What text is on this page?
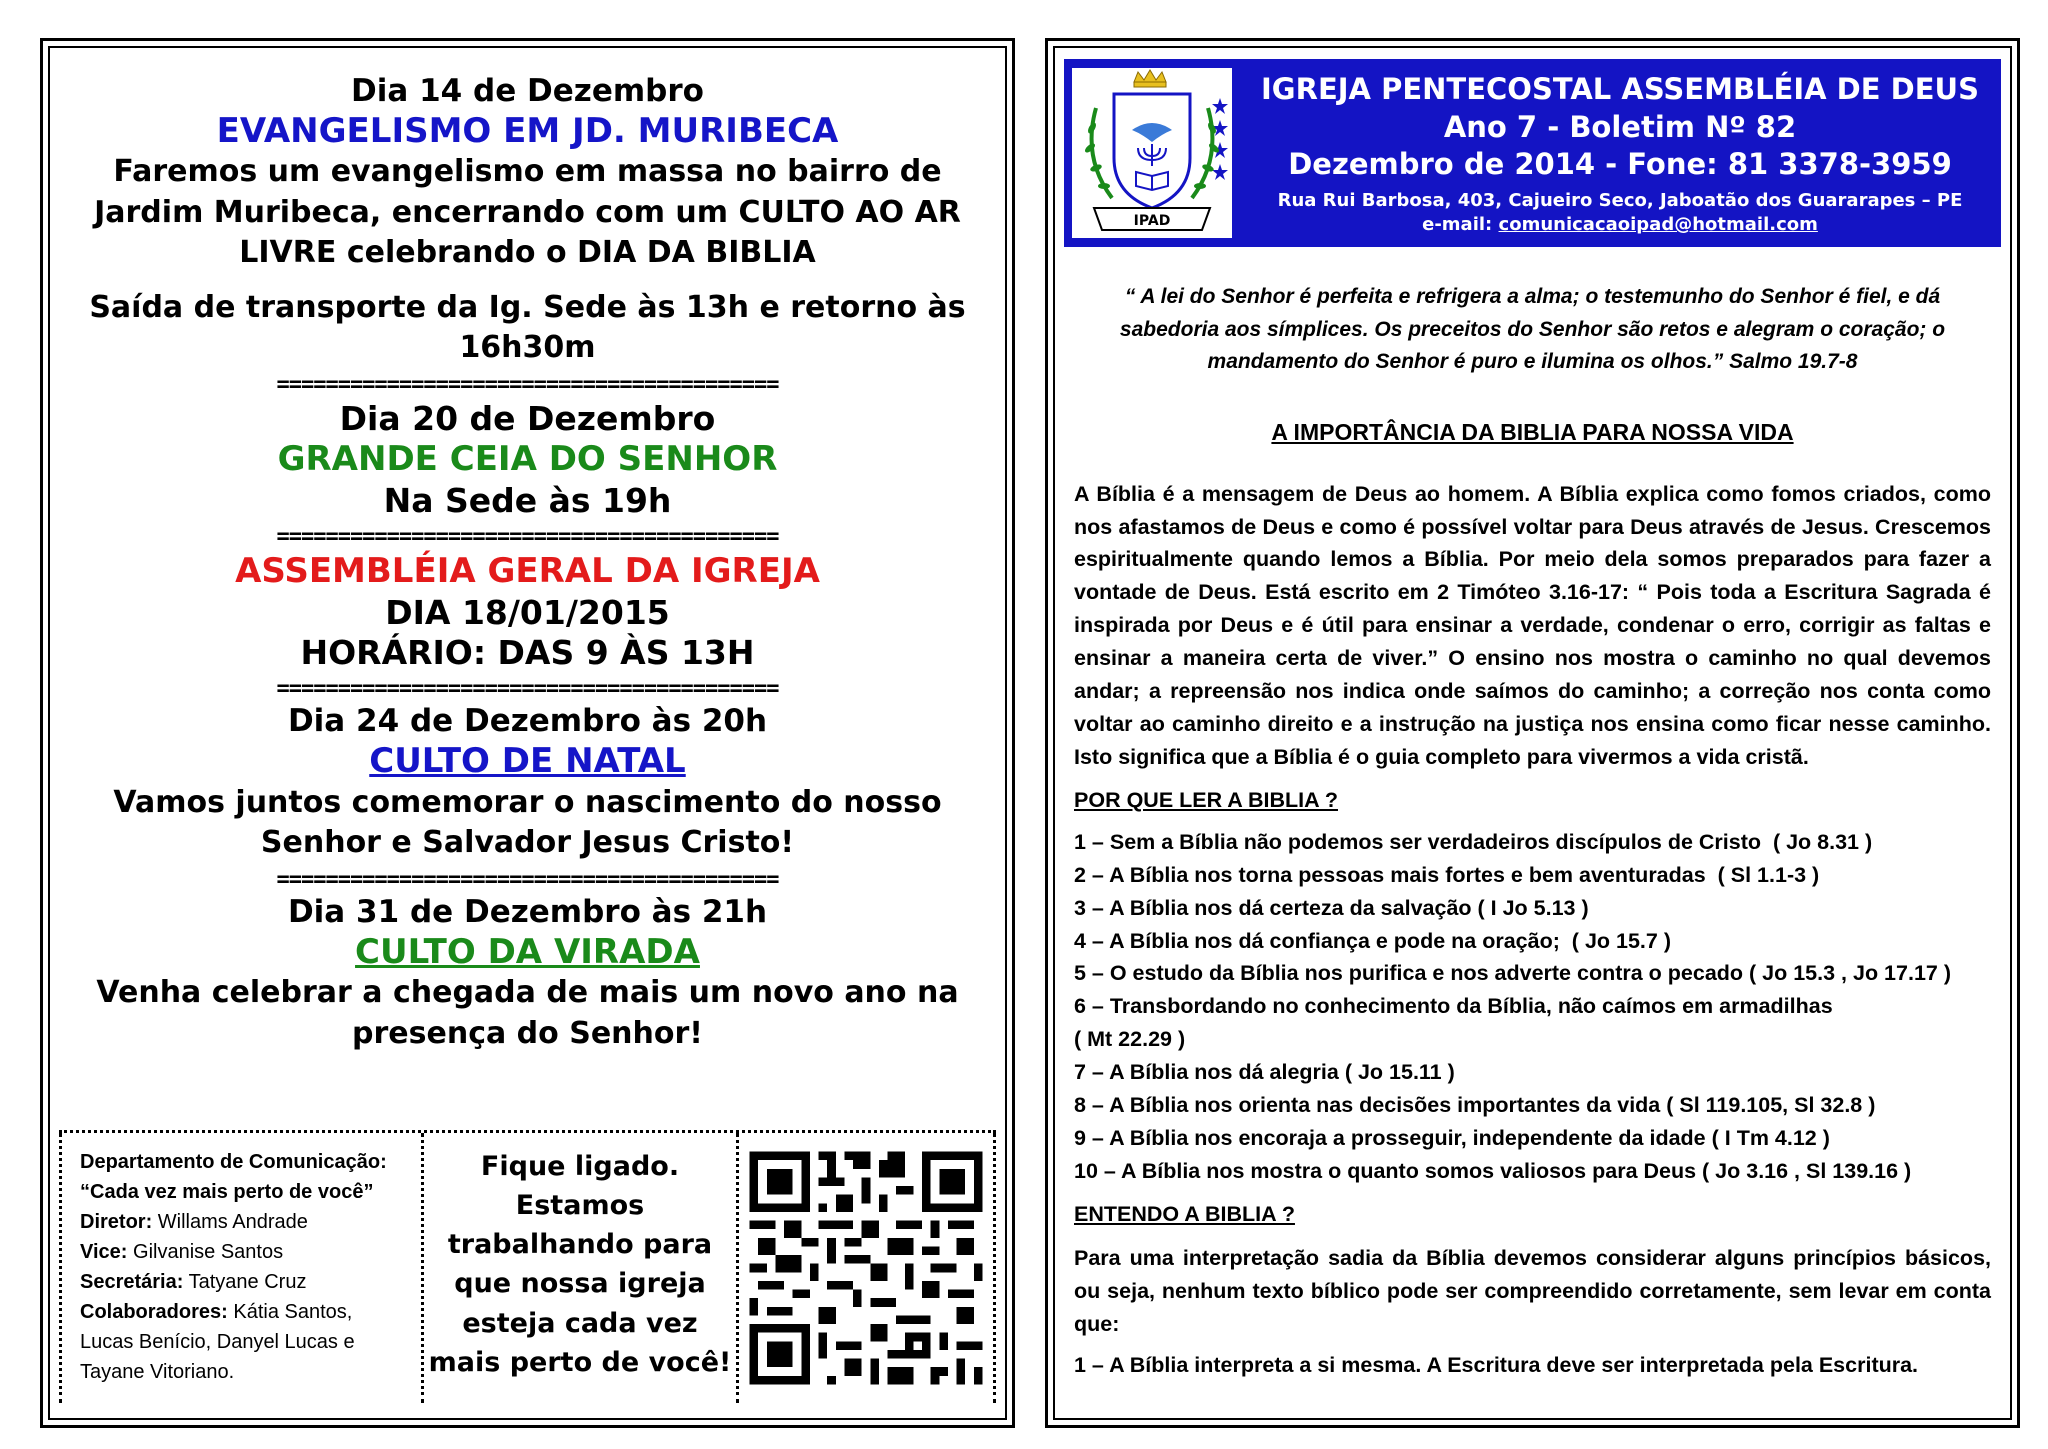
Dia 14 de Dezembro
EVANGELISMO EM JD. MURIBECA
Faremos um evangelismo em massa no bairro de Jardim Muribeca, encerrando com um CULTO AO AR LIVRE celebrando o DIA DA BIBLIA
Saída de transporte da Ig. Sede às 13h e retorno às 16h30m
=========================================
Dia 20 de Dezembro
GRANDE CEIA DO SENHOR
Na Sede às 19h
=========================================
ASSEMBLÉIA GERAL DA IGREJA
DIA 18/01/2015
HORÁRIO: DAS 9 ÀS 13H
=========================================
Dia 24 de Dezembro às 20h
CULTO DE NATAL
Vamos juntos comemorar o nascimento do nosso Senhor e Salvador Jesus Cristo!
=========================================
Dia 31 de Dezembro às 21h
CULTO DA VIRADA
Venha celebrar a chegada de mais um novo ano na presença do Senhor!
Departamento de Comunicação:
“Cada vez mais perto de você”
Diretor: Willams Andrade
Vice: Gilvanise Santos
Secretária: Tatyane Cruz
Colaboradores: Kátia Santos, Lucas Benício, Danyel Lucas e Tayane Vitoriano.
Fique ligado. Estamos trabalhando para que nossa igreja esteja cada vez mais perto de você!
IPAD
IGREJA PENTECOSTAL ASSEMBLÉIA DE DEUS
Ano 7 - Boletim Nº 82
Dezembro de 2014 - Fone: 81 3378-3959
Rua Rui Barbosa, 403, Cajueiro Seco, Jaboatão dos Guararapes – PE
e-mail: comunicacaoipad@hotmail.com
“ A lei do Senhor é perfeita e refrigera a alma; o testemunho do Senhor é fiel, e dá sabedoria aos símplices. Os preceitos do Senhor são retos e alegram o coração; o mandamento do Senhor é puro e ilumina os olhos.” Salmo 19.7-8
A IMPORTÂNCIA DA BIBLIA PARA NOSSA VIDA
A Bíblia é a mensagem de Deus ao homem. A Bíblia explica como fomos criados, como nos afastamos de Deus e como é possível voltar para Deus através de Jesus. Crescemos espiritualmente quando lemos a Bíblia. Por meio dela somos preparados para fazer a vontade de Deus. Está escrito em 2 Timóteo 3.16-17: “ Pois toda a Escritura Sagrada é inspirada por Deus e é útil para ensinar a verdade, condenar o erro, corrigir as faltas e ensinar a maneira certa de viver.” O ensino nos mostra o caminho no qual devemos andar; a repreensão nos indica onde saímos do caminho; a correção nos conta como voltar ao caminho direito e a instrução na justiça nos ensina como ficar nesse caminho. Isto significa que a Bíblia é o guia completo para vivermos a vida cristã.
POR QUE LER A BIBLIA ?
1 – Sem a Bíblia não podemos ser verdadeiros discípulos de Cristo  ( Jo 8.31 )
2 – A Bíblia nos torna pessoas mais fortes e bem aventuradas  ( Sl 1.1-3 )
3 – A Bíblia nos dá certeza da salvação ( I Jo 5.13 )
4 – A Bíblia nos dá confiança e pode na oração;  ( Jo 15.7 )
5 – O estudo da Bíblia nos purifica e nos adverte contra o pecado ( Jo 15.3 , Jo 17.17 )
6 – Transbordando no conhecimento da Bíblia, não caímos em armadilhas
( Mt 22.29 )
7 – A Bíblia nos dá alegria ( Jo 15.11 )
8 – A Bíblia nos orienta nas decisões importantes da vida ( Sl 119.105, Sl 32.8 )
9 – A Bíblia nos encoraja a prosseguir, independente da idade ( I Tm 4.12 )
10 – A Bíblia nos mostra o quanto somos valiosos para Deus ( Jo 3.16 , Sl 139.16 )
ENTENDO A BIBLIA ?
Para uma interpretação sadia da Bíblia devemos considerar alguns princípios básicos, ou seja, nenhum texto bíblico pode ser compreendido corretamente, sem levar em conta que:
1 – A Bíblia interpreta a si mesma. A Escritura deve ser interpretada pela Escritura.
